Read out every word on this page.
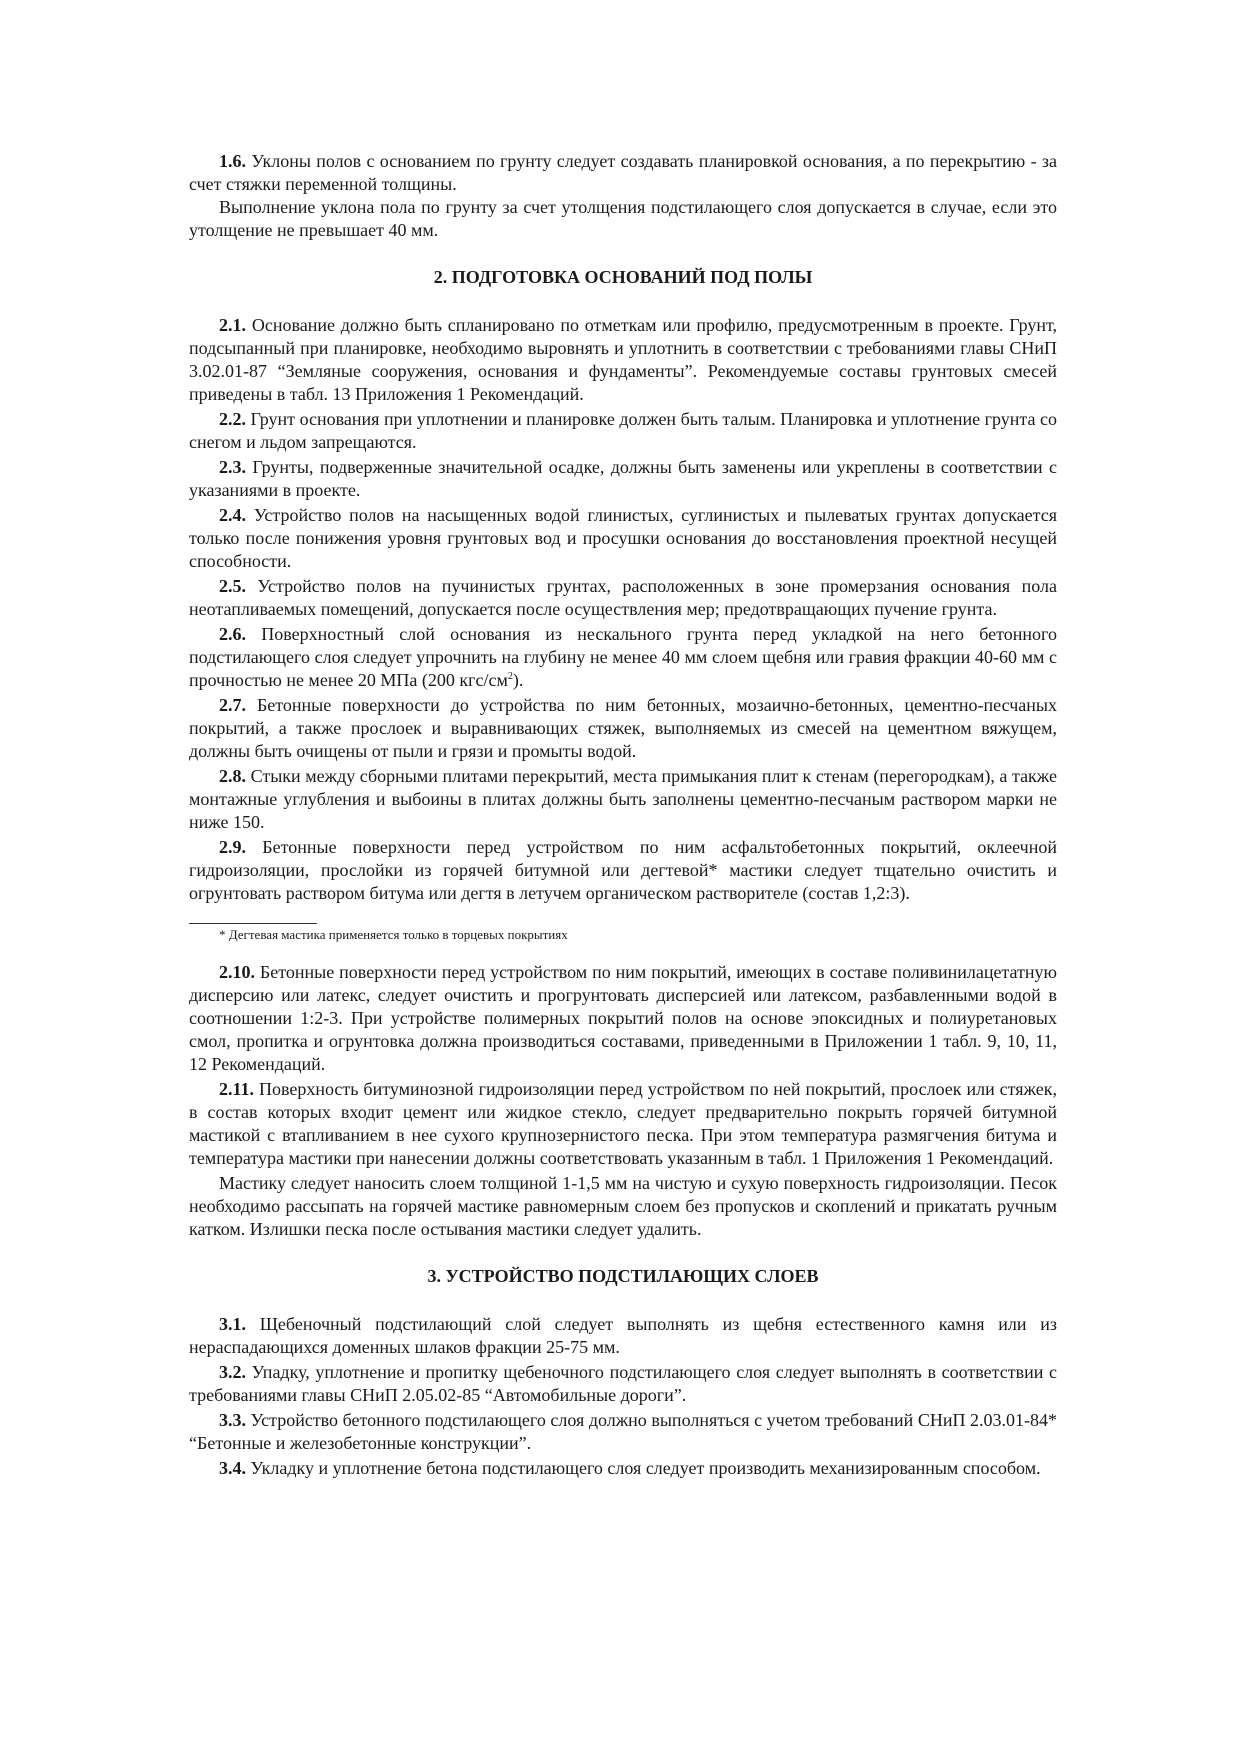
1.6. Уклоны полов с основанием по грунту следует создавать планировкой основания, а по перекрытию - за счет стяжки переменной толщины.

Выполнение уклона пола по грунту за счет утолщения подстилающего слоя допускается в случае, если это утолщение не превышает 40 мм.

2. ПОДГОТОВКА ОСНОВАНИЙ ПОД ПОЛЫ

2.1. Основание должно быть спланировано по отметкам или профилю, предусмотренным в проекте. Грунт, подсыпанный при планировке, необходимо выровнять и уплотнить в соответствии с требованиями главы СНиП 3.02.01-87 “Земляные сооружения, основания и фундаменты”. Рекомендуемые составы грунтовых смесей приведены в табл. 13 Приложения 1 Рекомендаций.

2.2. Грунт основания при уплотнении и планировке должен быть талым. Планировка и уплотнение грунта со снегом и льдом запрещаются.

2.3. Грунты, подверженные значительной осадке, должны быть заменены или укреплены в соответствии с указаниями в проекте.

2.4. Устройство полов на насыщенных водой глинистых, суглинистых и пылеватых грунтах допускается только после понижения уровня грунтовых вод и просушки основания до восстановления проектной несущей способности.

2.5. Устройство полов на пучинистых грунтах, расположенных в зоне промерзания основания пола неотапливаемых помещений, допускается после осуществления мер; предотвращающих пучение грунта.

2.6. Поверхностный слой основания из нескального грунта перед укладкой на него бетонного подстилающего слоя следует упрочнить на глубину не менее 40 мм слоем щебня или гравия фракции 40-60 мм с прочностью не менее 20 МПа (200 кгс/$см^2$).

2.7. Бетонные поверхности до устройства по ним бетонных, мозаично-бетонных, цементно-песчаных покрытий, а также прослоек и выравнивающих стяжек, выполняемых из смесей на цементном вяжущем, должны быть очищены от пыли и грязи и промыты водой.

2.8. Стыки между сборными плитами перекрытий, места примыкания плит к стенам (перегородкам), а также монтажные углубления и выбоины в плитах должны быть заполнены цементно-песчаным раствором марки не ниже 150.

2.9. Бетонные поверхности перед устройством по ним асфальтобетонных покрытий, оклеечной гидроизоляции, прослойки из горячей битумной или дегтевой* мастики следует тщательно очистить и огрунтовать раствором битума или дегтя в летучем органическом растворителе (состав 1,2:3).

* Дегтевая мастика применяется только в торцевых покрытиях

2.10. Бетонные поверхности перед устройством по ним покрытий, имеющих в составе поливинилацетатную дисперсию или латекс, следует очистить и прогрунтовать дисперсией или латексом, разбавленными водой в соотношении 1:2-3. При устройстве полимерных покрытий полов на основе эпоксидных и полиуретановых смол, пропитка и огрунтовка должна производиться составами, приведенными в Приложении 1 табл. 9, 10, 11, 12 Рекомендаций.

2.11. Поверхность битуминозной гидроизоляции перед устройством по ней покрытий, прослоек или стяжек, в состав которых входит цемент или жидкое стекло, следует предварительно покрыть горячей битумной мастикой с втапливанием в нее сухого крупнозернистого песка. При этом температура размягчения битума и температура мастики при нанесении должны соответствовать указанным в табл. 1 Приложения 1 Рекомендаций.

Мастику следует наносить слоем толщиной 1-1,5 мм на чистую и сухую поверхность гидроизоляции. Песок необходимо рассыпать на горячей мастике равномерным слоем без пропусков и скоплений и прикатать ручным катком. Излишки песка после остывания мастики следует удалить.

3. УСТРОЙСТВО ПОДСТИЛАЮЩИХ СЛОЕВ

3.1. Щебеночный подстилающий слой следует выполнять из щебня естественного камня или из нераспадающихся доменных шлаков фракции 25-75 мм.

3.2. Упадку, уплотнение и пропитку щебеночного подстилающего слоя следует выполнять в соответствии с требованиями главы СНиП 2.05.02-85 “Автомобильные дороги”.

3.3. Устройство бетонного подстилающего слоя должно выполняться с учетом требований СНиП 2.03.01-84* “Бетонные и железобетонные конструкции”.

3.4. Укладку и уплотнение бетона подстилающего слоя следует производить механизированным способом.
